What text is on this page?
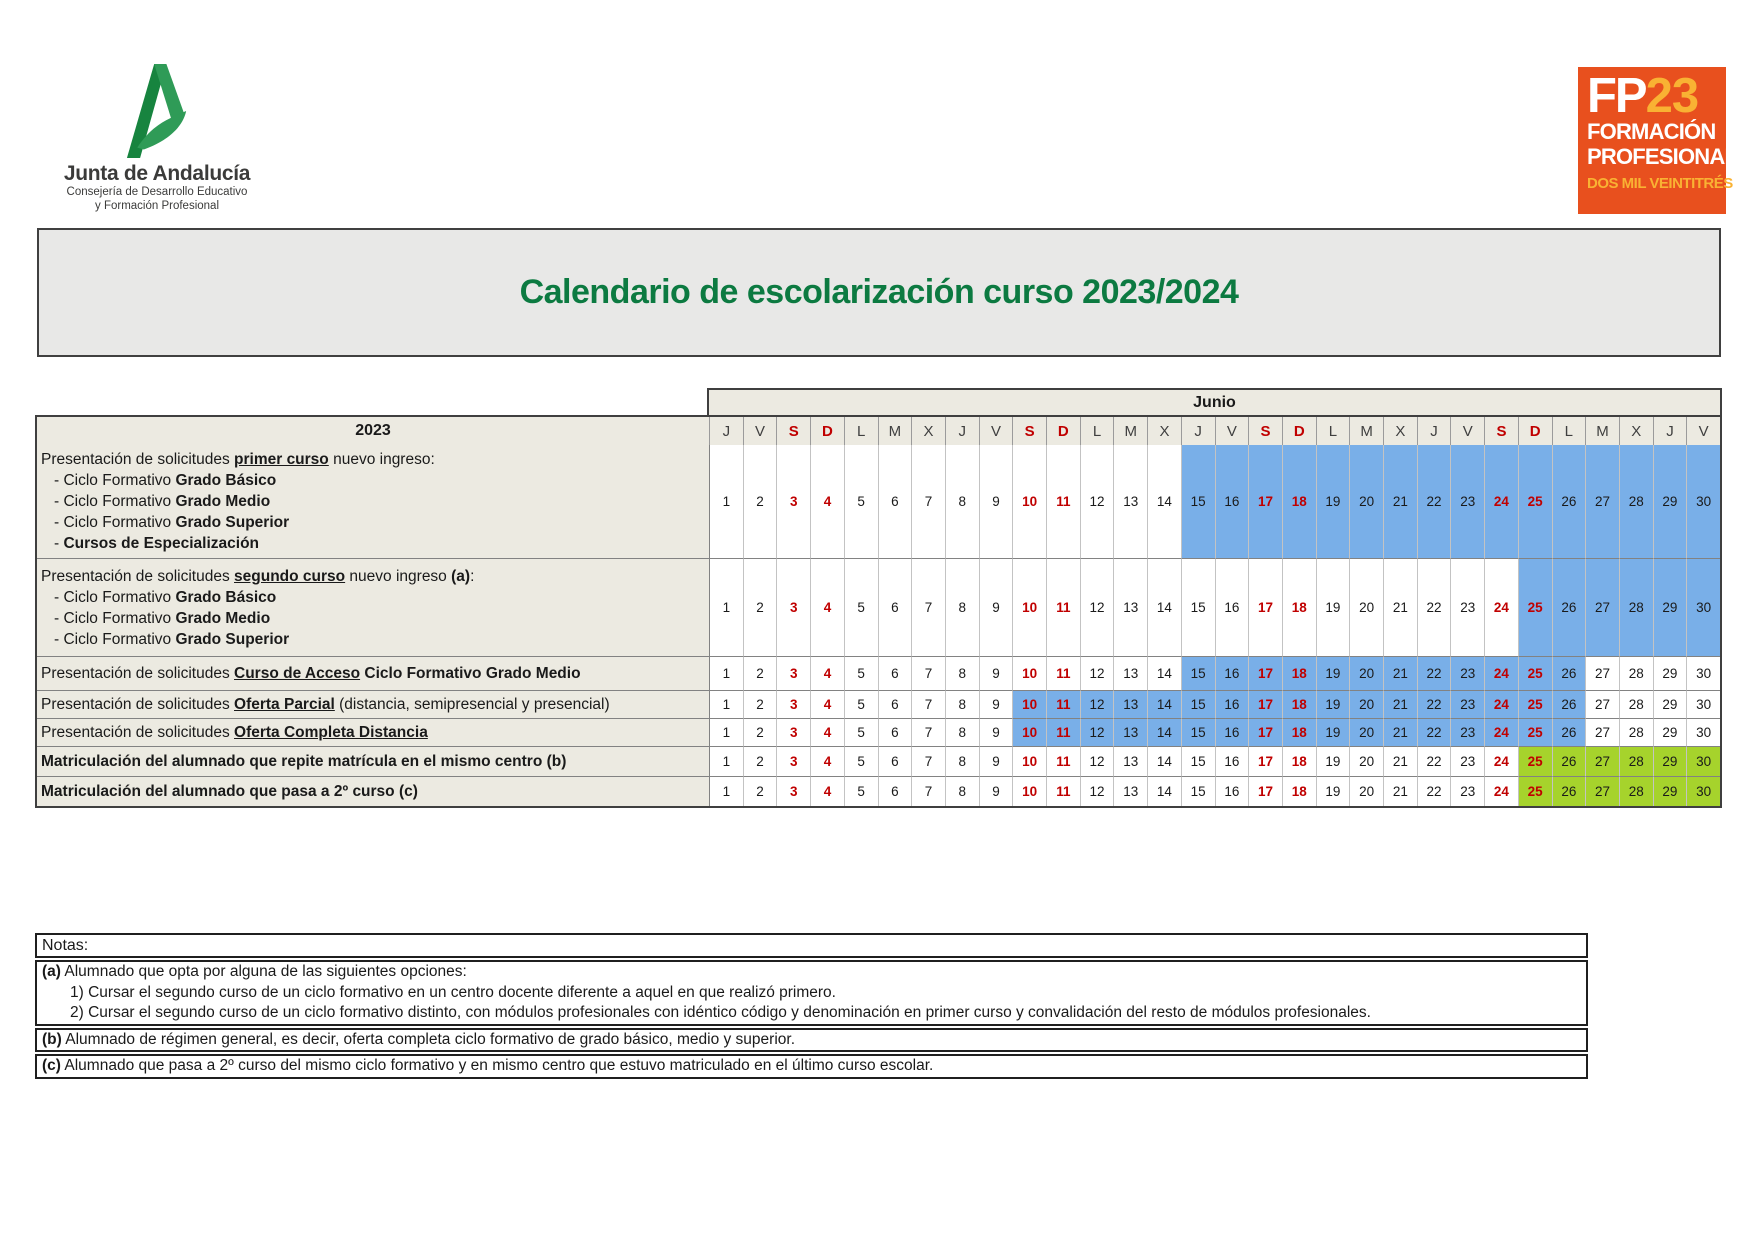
Junta de Andalucía
Consejería de Desarrollo Educativo
y Formación Profesional
FP23
FORMACIÓN
PROFESIONAL
DOS MIL VEINTITRÉS
Calendario de escolarización curso 2023/2024
Junio
2023	J	V	S	D	L	M	X	J	V	S	D	L	M	X	J	V	S	D	L	M	X	J	V	S	D	L	M	X	J	V
Presentación de solicitudes primer curso nuevo ingreso:
- Ciclo Formativo Grado Básico
- Ciclo Formativo Grado Medio
- Ciclo Formativo Grado Superior
- Cursos de Especialización
1	2	3	4	5	6	7	8	9	10	11	12	13	14	15	16	17	18	19	20	21	22	23	24	25	26	27	28	29	30
Presentación de solicitudes segundo curso nuevo ingreso (a):
- Ciclo Formativo Grado Básico
- Ciclo Formativo Grado Medio
- Ciclo Formativo Grado Superior
1	2	3	4	5	6	7	8	9	10	11	12	13	14	15	16	17	18	19	20	21	22	23	24	25	26	27	28	29	30
Presentación de solicitudes Curso de Acceso Ciclo Formativo Grado Medio	1	2	3	4	5	6	7	8	9	10	11	12	13	14	15	16	17	18	19	20	21	22	23	24	25	26	27	28	29	30
Presentación de solicitudes Oferta Parcial (distancia, semipresencial y presencial)	1	2	3	4	5	6	7	8	9	10	11	12	13	14	15	16	17	18	19	20	21	22	23	24	25	26	27	28	29	30
Presentación de solicitudes Oferta Completa Distancia	1	2	3	4	5	6	7	8	9	10	11	12	13	14	15	16	17	18	19	20	21	22	23	24	25	26	27	28	29	30
Matriculación del alumnado que repite matrícula en el mismo centro (b)	1	2	3	4	5	6	7	8	9	10	11	12	13	14	15	16	17	18	19	20	21	22	23	24	25	26	27	28	29	30
Matriculación del alumnado que pasa a 2º curso (c)	1	2	3	4	5	6	7	8	9	10	11	12	13	14	15	16	17	18	19	20	21	22	23	24	25	26	27	28	29	30
Notas:
(a) Alumnado que opta por alguna de las siguientes opciones:
1) Cursar el segundo curso de un ciclo formativo en un centro docente diferente a aquel en que realizó primero.
2) Cursar el segundo curso de un ciclo formativo distinto, con módulos profesionales con idéntico código y denominación en primer curso y convalidación del resto de módulos profesionales.
(b) Alumnado de régimen general, es decir, oferta completa ciclo formativo de grado básico, medio y superior.
(c) Alumnado que pasa a 2º curso del mismo ciclo formativo y en mismo centro que estuvo matriculado en el último curso escolar.
